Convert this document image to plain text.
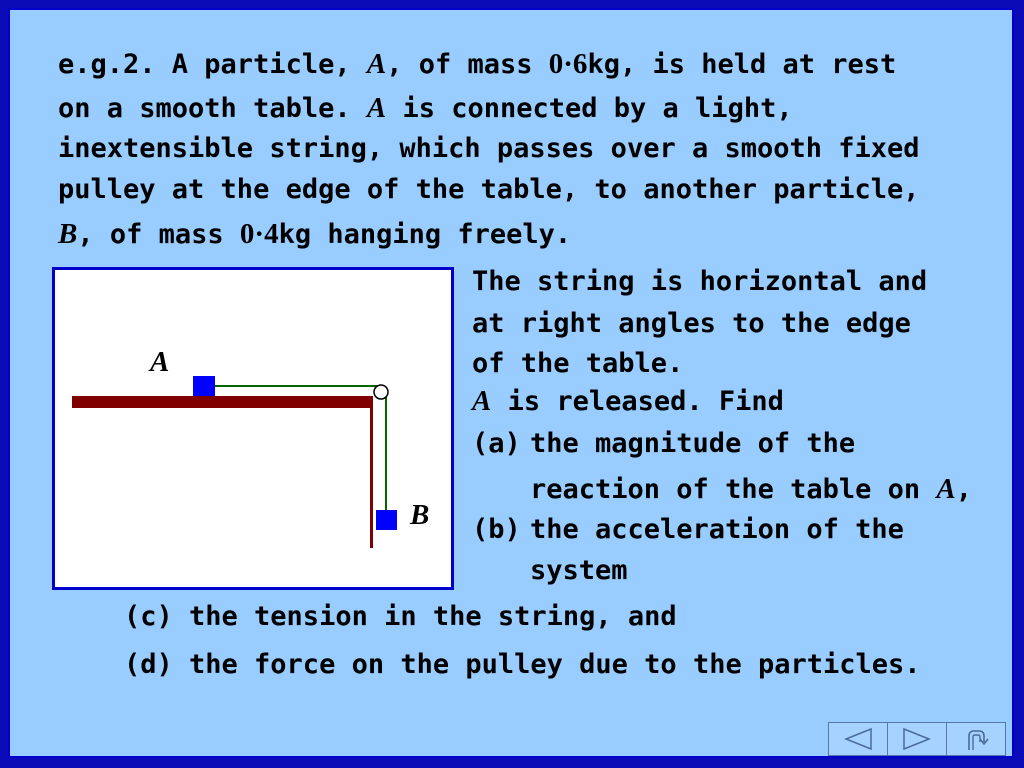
e.g.2. A particle, A, of mass 0·6kg, is held at rest
on a smooth table. A is connected by a light,
inextensible string, which passes over a smooth fixed
pulley at the edge of the table, to another particle,
B, of mass 0·4kg hanging freely.
A
B
The string is horizontal and
at right angles to the edge
of the table.
A is released. Find
(a) the magnitude of the
reaction of the table on A,
(b) the acceleration of the
system
(c) the tension in the string, and
(d) the force on the pulley due to the particles.
